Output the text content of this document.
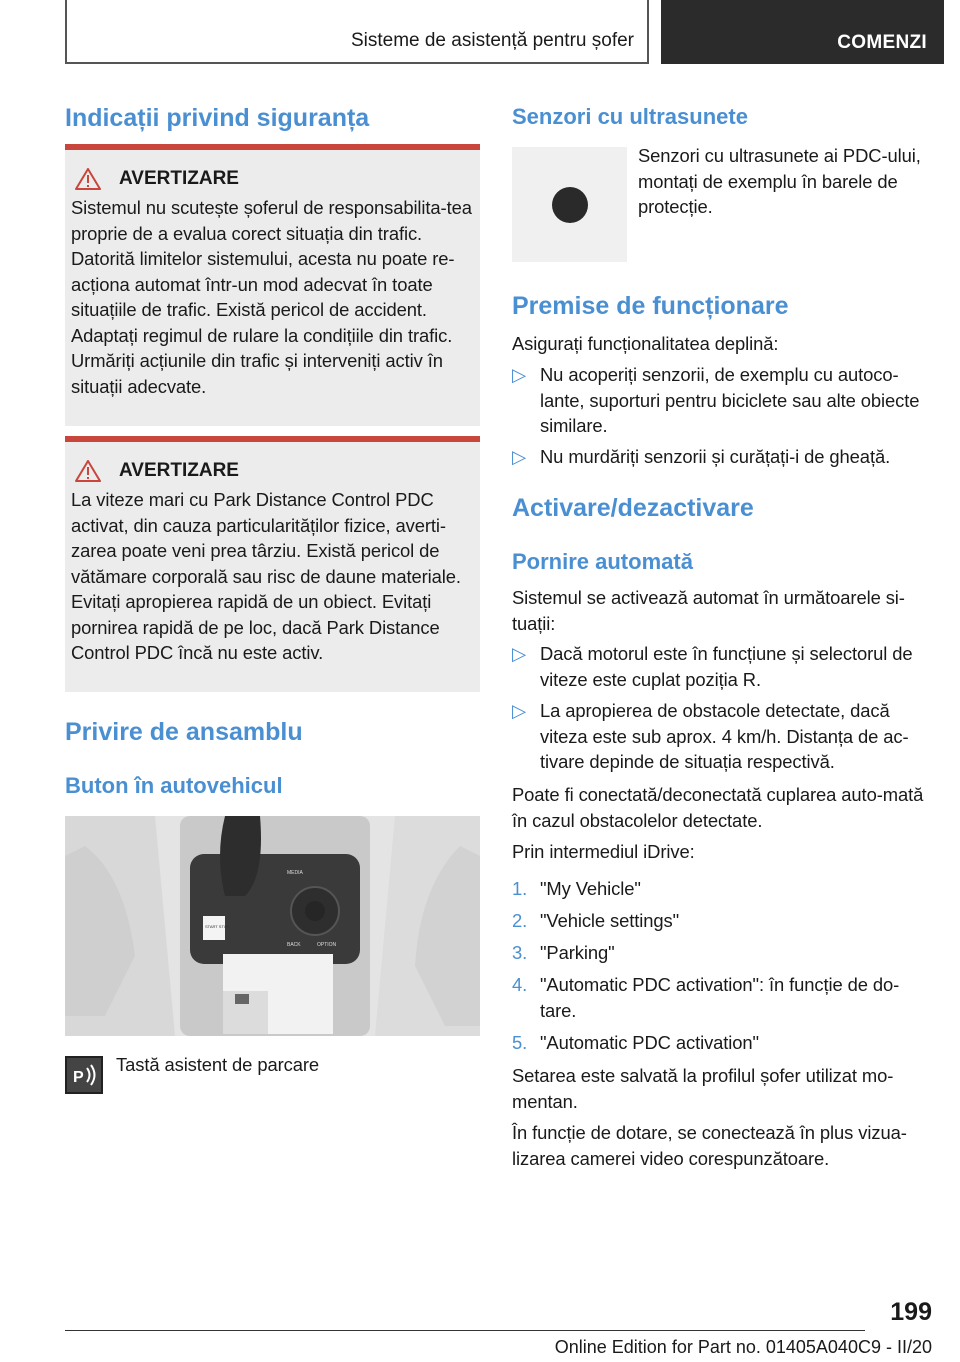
Sisteme de asistență pentru șofer	COMENZI
Indicații privind siguranța
AVERTIZARE
Sistemul nu scutește șoferul de responsabilita-tea proprie de a evalua corect situația din trafic. Datorită limitelor sistemului, acesta nu poate re-acționa automat într-un mod adecvat în toate situațiile de trafic. Există pericol de accident. Adaptați regimul de rulare la condițiile din trafic. Urmăriți acțiunile din trafic și interveniți activ în situații adecvate.
AVERTIZARE
La viteze mari cu Park Distance Control PDC activat, din cauza particularităților fizice, averti-zarea poate veni prea târziu. Există pericol de vătămare corporală sau risc de daune materiale. Evitați apropierea rapidă de un obiect. Evitați pornirea rapidă de pe loc, dacă Park Distance Control PDC încă nu este activ.
Privire de ansamblu
Buton în autovehicul
MEDIA
BACK	OPTION
START STOP
P
Tastă asistent de parcare
Senzori cu ultrasunete
Senzori cu ultrasunete ai PDC-ului, montați de exemplu în barele de protecție.
Premise de funcționare
Asigurați funcționalitatea deplină:
▷ Nu acoperiți senzorii, de exemplu cu autoco-lante, suporturi pentru biciclete sau alte obiecte similare.
▷ Nu murdăriți senzorii și curățați-i de gheață.
Activare/dezactivare
Pornire automată
Sistemul se activează automat în următoarele si-tuații:
▷ Dacă motorul este în funcțiune și selectorul de viteze este cuplat poziția R.
▷ La apropierea de obstacole detectate, dacă viteza este sub aprox. 4 km/h. Distanța de ac-tivare depinde de situația respectivă.
Poate fi conectată/deconectată cuplarea auto-mată în cazul obstacolelor detectate.
Prin intermediul iDrive:
1. "My Vehicle"
2. "Vehicle settings"
3. "Parking"
4. "Automatic PDC activation": în funcție de do-tare.
5. "Automatic PDC activation"
Setarea este salvată la profilul șofer utilizat mo-mentan.
În funcție de dotare, se conectează în plus vizua-lizarea camerei video corespunzătoare.
199
Online Edition for Part no. 01405A040C9 - II/20
